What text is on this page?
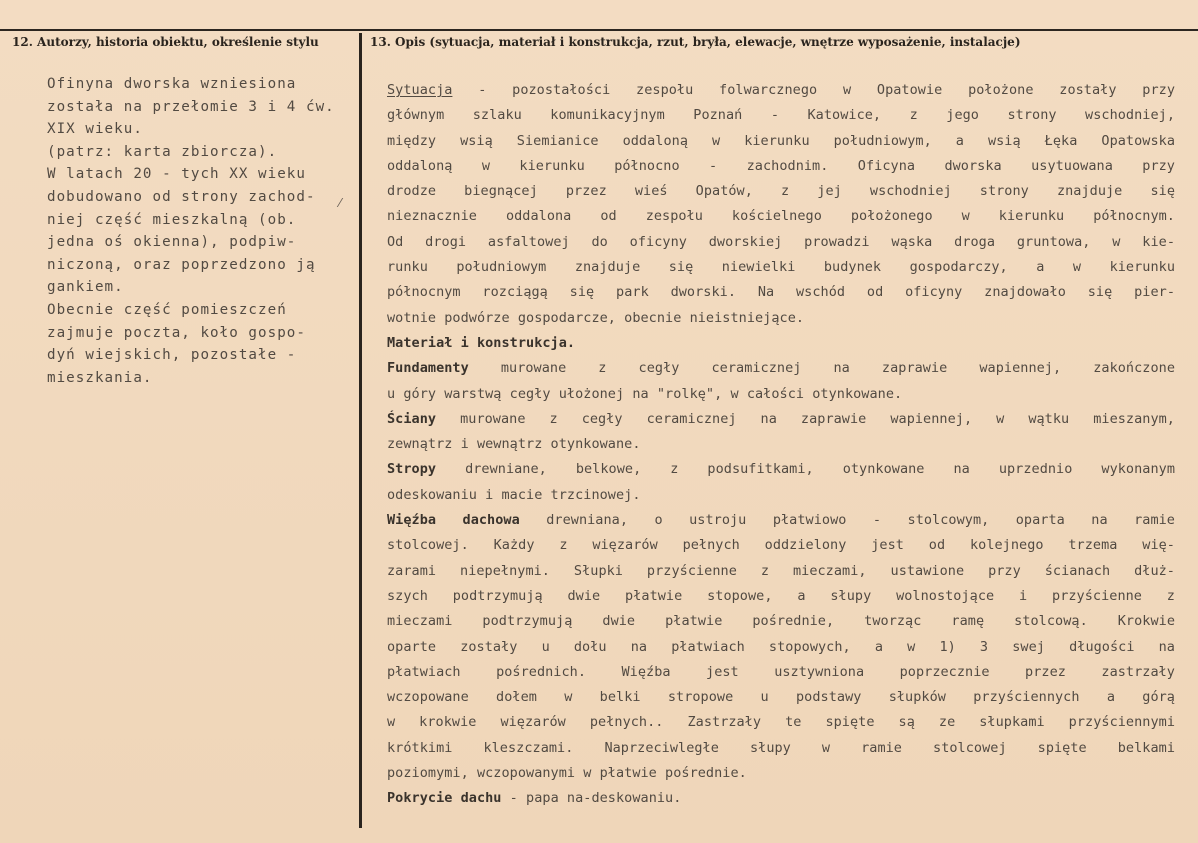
12. Autorzy, historia obiektu, określenie stylu	13. Opis (sytuacja, materiał i konstrukcja, rzut, bryła, elewacje, wnętrze wyposażenie, instalacje)
Ofinyna dworska wzniesiona
została na przełomie 3 i 4 ćw.
XIX wieku.
(patrz: karta zbiorcza).
W latach 20 - tych XX wieku
dobudowano od strony zachod-
niej część mieszkalną (ob.
jedna oś okienna), podpiw-
niczoną, oraz poprzedzono ją
gankiem.
Obecnie część pomieszczeń
zajmuje poczta, koło gospo-
dyń wiejskich, pozostałe -
mieszkania.
Sytuacja - pozostałości zespołu folwarcznego w Opatowie położone zostały przy
głównym szlaku komunikacyjnym Poznań - Katowice, z jego strony wschodniej,
między wsią Siemianice oddaloną w kierunku południowym, a wsią Łęka Opatowska
oddaloną w kierunku północno - zachodnim. Oficyna dworska usytuowana przy
drodze biegnącej przez wieś Opatów, z jej wschodniej strony znajduje się
nieznacznie oddalona od zespołu kościelnego położonego w kierunku północnym.
Od drogi asfaltowej do oficyny dworskiej prowadzi wąska droga gruntowa, w kie-
runku południowym znajduje się niewielki budynek gospodarczy, a w kierunku
północnym rozciągą się park dworski. Na wschód od oficyny znajdowało się pier-
wotnie podwórze gospodarcze, obecnie nieistniejące.
Materiał i konstrukcja.
Fundamenty murowane z cegły ceramicznej na zaprawie wapiennej, zakończone
u góry warstwą cegły ułożonej na "rolkę", w całości otynkowane.
Ściany murowane z cegły ceramicznej na zaprawie wapiennej, w wątku mieszanym,
zewnątrz i wewnątrz otynkowane.
Stropy drewniane, belkowe, z podsufitkami, otynkowane na uprzednio wykonanym
odeskowaniu i macie trzcinowej.
Więźba dachowa drewniana, o ustroju płatwiowo - stolcowym, oparta na ramie
stolcowej. Każdy z więzarów pełnych oddzielony jest od kolejnego trzema wię-
zarami niepełnymi. Słupki przyścienne z mieczami, ustawione przy ścianach dłuż-
szych podtrzymują dwie płatwie stopowe, a słupy wolnostojące i przyścienne z
mieczami podtrzymują dwie płatwie pośrednie, tworząc ramę stolcową. Krokwie
oparte zostały u dołu na płatwiach stopowych, a w 1) 3 swej długości na
płatwiach pośrednich. Więźba jest usztywniona poprzecznie przez zastrzały
wczopowane dołem w belki stropowe u podstawy słupków przyściennych a górą
w krokwie więzarów pełnych.. Zastrzały te spięte są ze słupkami przyściennymi
krótkimi kleszczami. Naprzeciwległe słupy w ramie stolcowej spięte belkami
poziomymi, wczopowanymi w płatwie pośrednie.
Pokrycie dachu - papa na-deskowaniu.
⁄
